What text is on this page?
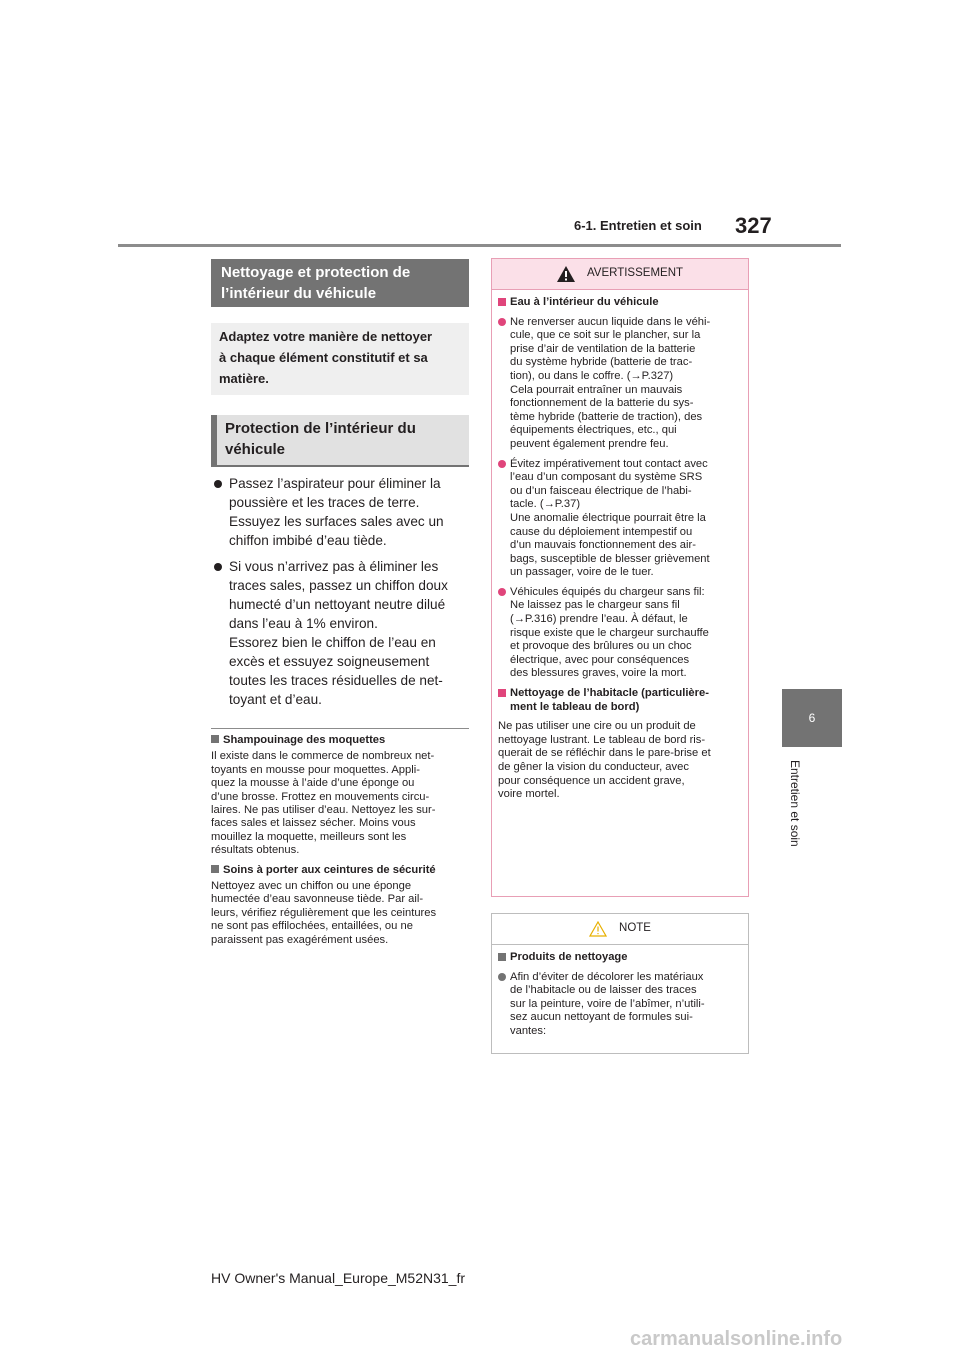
6-1. Entretien et soin 327
6
Entretien et soin
Nettoyage et protection de
l’intérieur du véhicule
Adaptez votre manière de nettoyer
à chaque élément constitutif et sa
matière.
Protection de l’intérieur du
véhicule
Passez l’aspirateur pour éliminer la
poussière et les traces de terre.
Essuyez les surfaces sales avec un
chiffon imbibé d’eau tiède.
Si vous n’arrivez pas à éliminer les
traces sales, passez un chiffon doux
humecté d’un nettoyant neutre dilué
dans l’eau à 1% environ.
Essorez bien le chiffon de l’eau en
excès et essuyez soigneusement
toutes les traces résiduelles de net-
toyant et d’eau.
Shampouinage des moquettes
Il existe dans le commerce de nombreux net-
toyants en mousse pour moquettes. Appli-
quez la mousse à l’aide d’une éponge ou
d’une brosse. Frottez en mouvements circu-
laires. Ne pas utiliser d’eau. Nettoyez les sur-
faces sales et laissez sécher. Moins vous
mouillez la moquette, meilleurs sont les
résultats obtenus.
Soins à porter aux ceintures de sécurité
Nettoyez avec un chiffon ou une éponge
humectée d’eau savonneuse tiède. Par ail-
leurs, vérifiez régulièrement que les ceintures
ne sont pas effilochées, entaillées, ou ne
paraissent pas exagérément usées.
AVERTISSEMENT
Eau à l’intérieur du véhicule
Ne renverser aucun liquide dans le véhi-
cule, que ce soit sur le plancher, sur la
prise d’air de ventilation de la batterie
du système hybride (batterie de trac-
tion), ou dans le coffre. (→P.327)
Cela pourrait entraîner un mauvais
fonctionnement de la batterie du sys-
tème hybride (batterie de traction), des
équipements électriques, etc., qui
peuvent également prendre feu.
Évitez impérativement tout contact avec
l’eau d’un composant du système SRS
ou d’un faisceau électrique de l’habi-
tacle. (→P.37)
Une anomalie électrique pourrait être la
cause du déploiement intempestif ou
d’un mauvais fonctionnement des air-
bags, susceptible de blesser grièvement
un passager, voire de le tuer.
Véhicules équipés du chargeur sans fil:
Ne laissez pas le chargeur sans fil
(→P.316) prendre l’eau. À défaut, le
risque existe que le chargeur surchauffe
et provoque des brûlures ou un choc
électrique, avec pour conséquences
des blessures graves, voire la mort.
Nettoyage de l’habitacle (particulière-
ment le tableau de bord)
Ne pas utiliser une cire ou un produit de
nettoyage lustrant. Le tableau de bord ris-
querait de se réfléchir dans le pare-brise et
de gêner la vision du conducteur, avec
pour conséquence un accident grave,
voire mortel.
NOTE
Produits de nettoyage
Afin d’éviter de décolorer les matériaux
de l’habitacle ou de laisser des traces
sur la peinture, voire de l’abîmer, n’utili-
sez aucun nettoyant de formules sui-
vantes:
HV Owner's Manual_Europe_M52N31_fr
carmanualsonline.info
